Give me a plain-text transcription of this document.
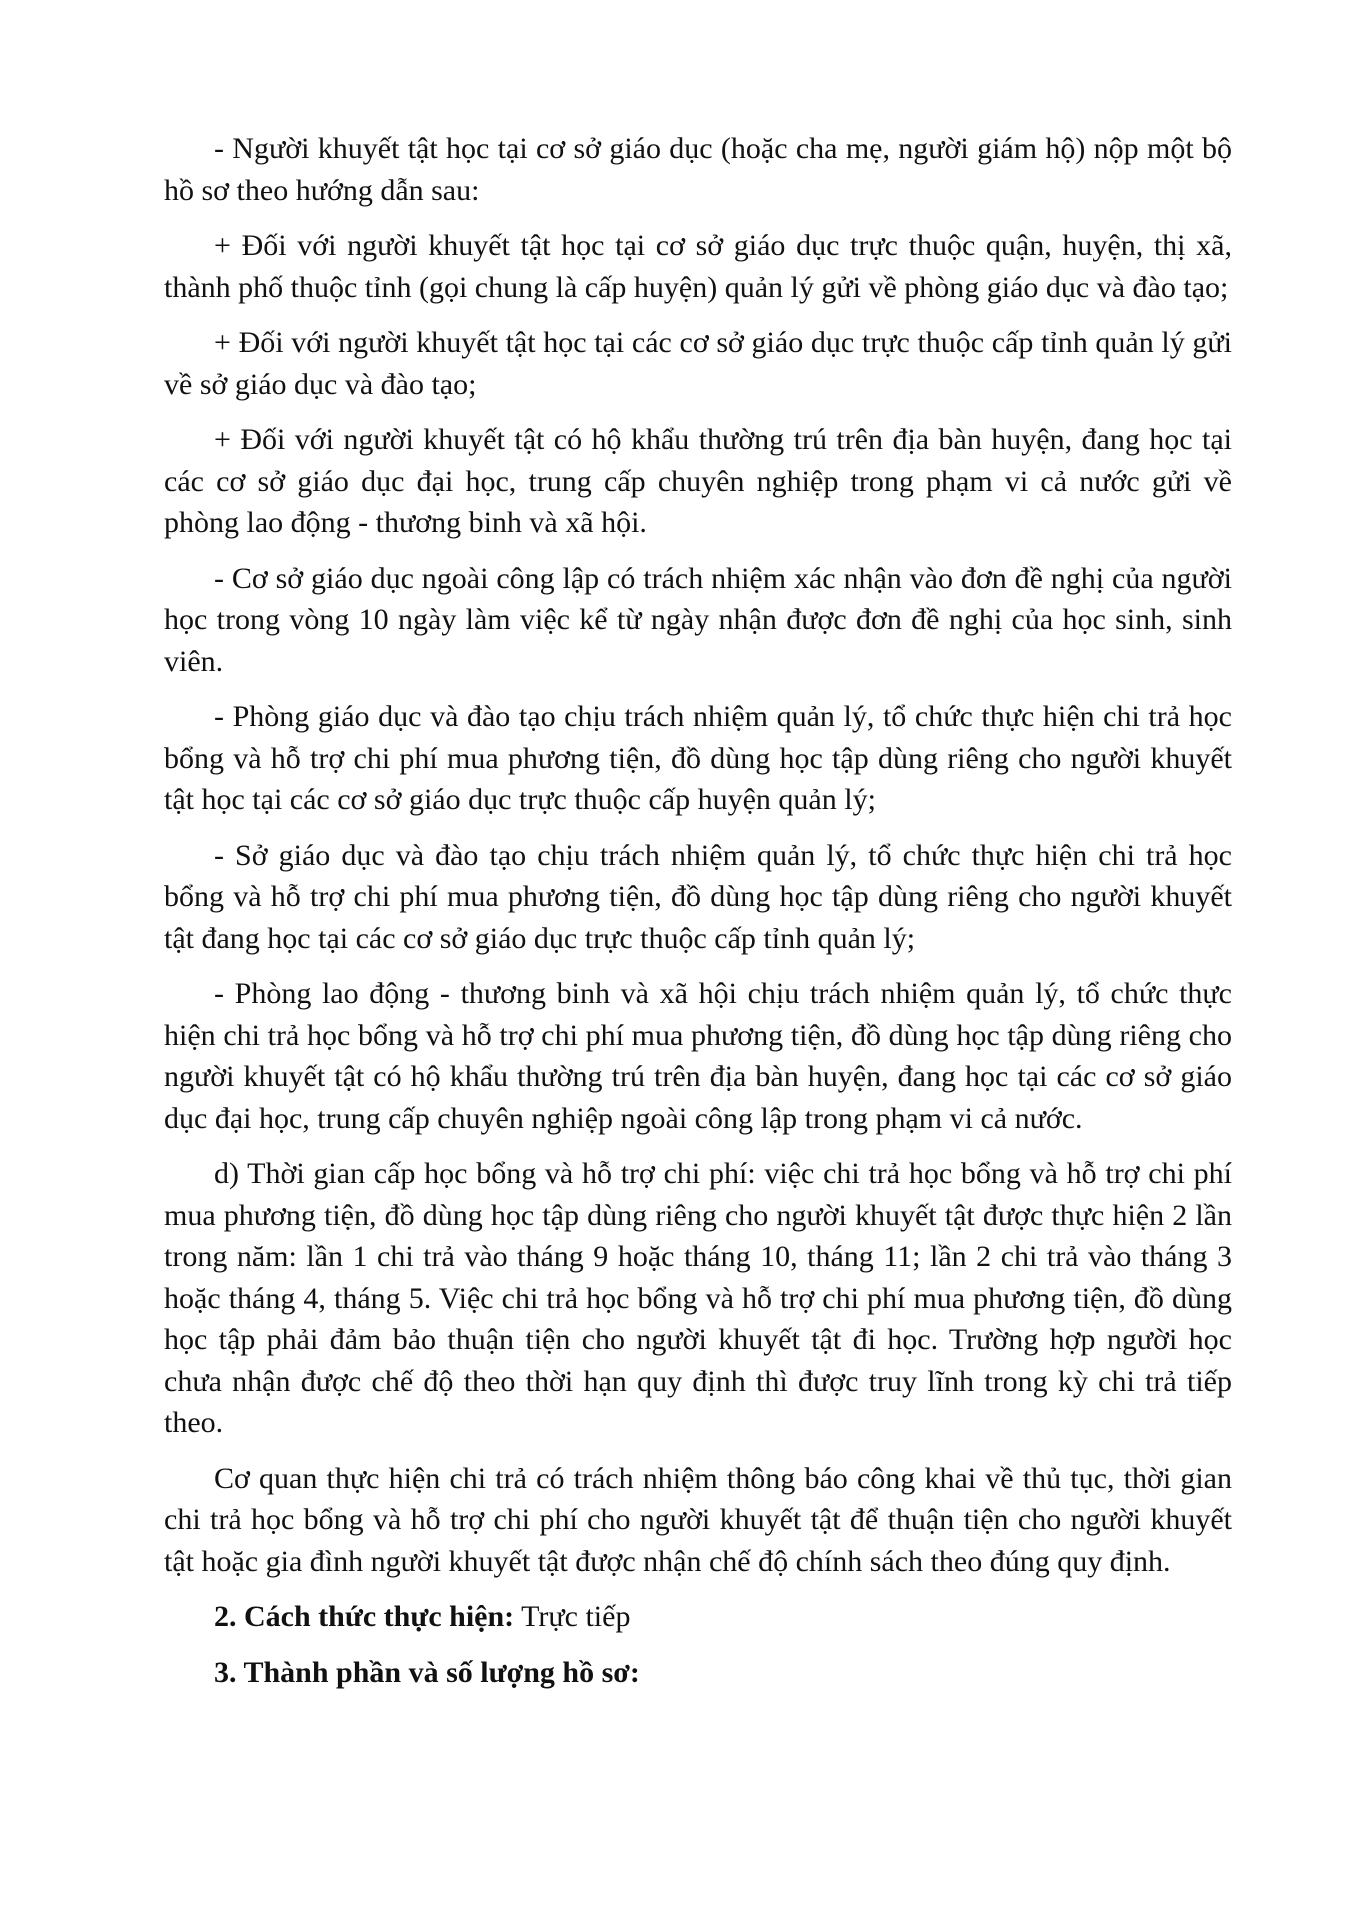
- Người khuyết tật học tại cơ sở giáo dục (hoặc cha mẹ, người giám hộ) nộp một bộ hồ sơ theo hướng dẫn sau:

+ Đối với người khuyết tật học tại cơ sở giáo dục trực thuộc quận, huyện, thị xã, thành phố thuộc tỉnh (gọi chung là cấp huyện) quản lý gửi về phòng giáo dục và đào tạo;

+ Đối với người khuyết tật học tại các cơ sở giáo dục trực thuộc cấp tỉnh quản lý gửi về sở giáo dục và đào tạo;

+ Đối với người khuyết tật có hộ khẩu thường trú trên địa bàn huyện, đang học tại các cơ sở giáo dục đại học, trung cấp chuyên nghiệp trong phạm vi cả nước gửi về phòng lao động - thương binh và xã hội.

- Cơ sở giáo dục ngoài công lập có trách nhiệm xác nhận vào đơn đề nghị của người học trong vòng 10 ngày làm việc kể từ ngày nhận được đơn đề nghị của học sinh, sinh viên.

- Phòng giáo dục và đào tạo chịu trách nhiệm quản lý, tổ chức thực hiện chi trả học bổng và hỗ trợ chi phí mua phương tiện, đồ dùng học tập dùng riêng cho người khuyết tật học tại các cơ sở giáo dục trực thuộc cấp huyện quản lý;

- Sở giáo dục và đào tạo chịu trách nhiệm quản lý, tổ chức thực hiện chi trả học bổng và hỗ trợ chi phí mua phương tiện, đồ dùng học tập dùng riêng cho người khuyết tật đang học tại các cơ sở giáo dục trực thuộc cấp tỉnh quản lý;

- Phòng lao động - thương binh và xã hội chịu trách nhiệm quản lý, tổ chức thực hiện chi trả học bổng và hỗ trợ chi phí mua phương tiện, đồ dùng học tập dùng riêng cho người khuyết tật có hộ khẩu thường trú trên địa bàn huyện, đang học tại các cơ sở giáo dục đại học, trung cấp chuyên nghiệp ngoài công lập trong phạm vi cả nước.

d) Thời gian cấp học bổng và hỗ trợ chi phí: việc chi trả học bổng và hỗ trợ chi phí mua phương tiện, đồ dùng học tập dùng riêng cho người khuyết tật được thực hiện 2 lần trong năm: lần 1 chi trả vào tháng 9 hoặc tháng 10, tháng 11; lần 2 chi trả vào tháng 3 hoặc tháng 4, tháng 5. Việc chi trả học bổng và hỗ trợ chi phí mua phương tiện, đồ dùng học tập phải đảm bảo thuận tiện cho người khuyết tật đi học. Trường hợp người học chưa nhận được chế độ theo thời hạn quy định thì được truy lĩnh trong kỳ chi trả tiếp theo.

Cơ quan thực hiện chi trả có trách nhiệm thông báo công khai về thủ tục, thời gian chi trả học bổng và hỗ trợ chi phí cho người khuyết tật để thuận tiện cho người khuyết tật hoặc gia đình người khuyết tật được nhận chế độ chính sách theo đúng quy định.

2. Cách thức thực hiện: Trực tiếp

3. Thành phần và số lượng hồ sơ:
